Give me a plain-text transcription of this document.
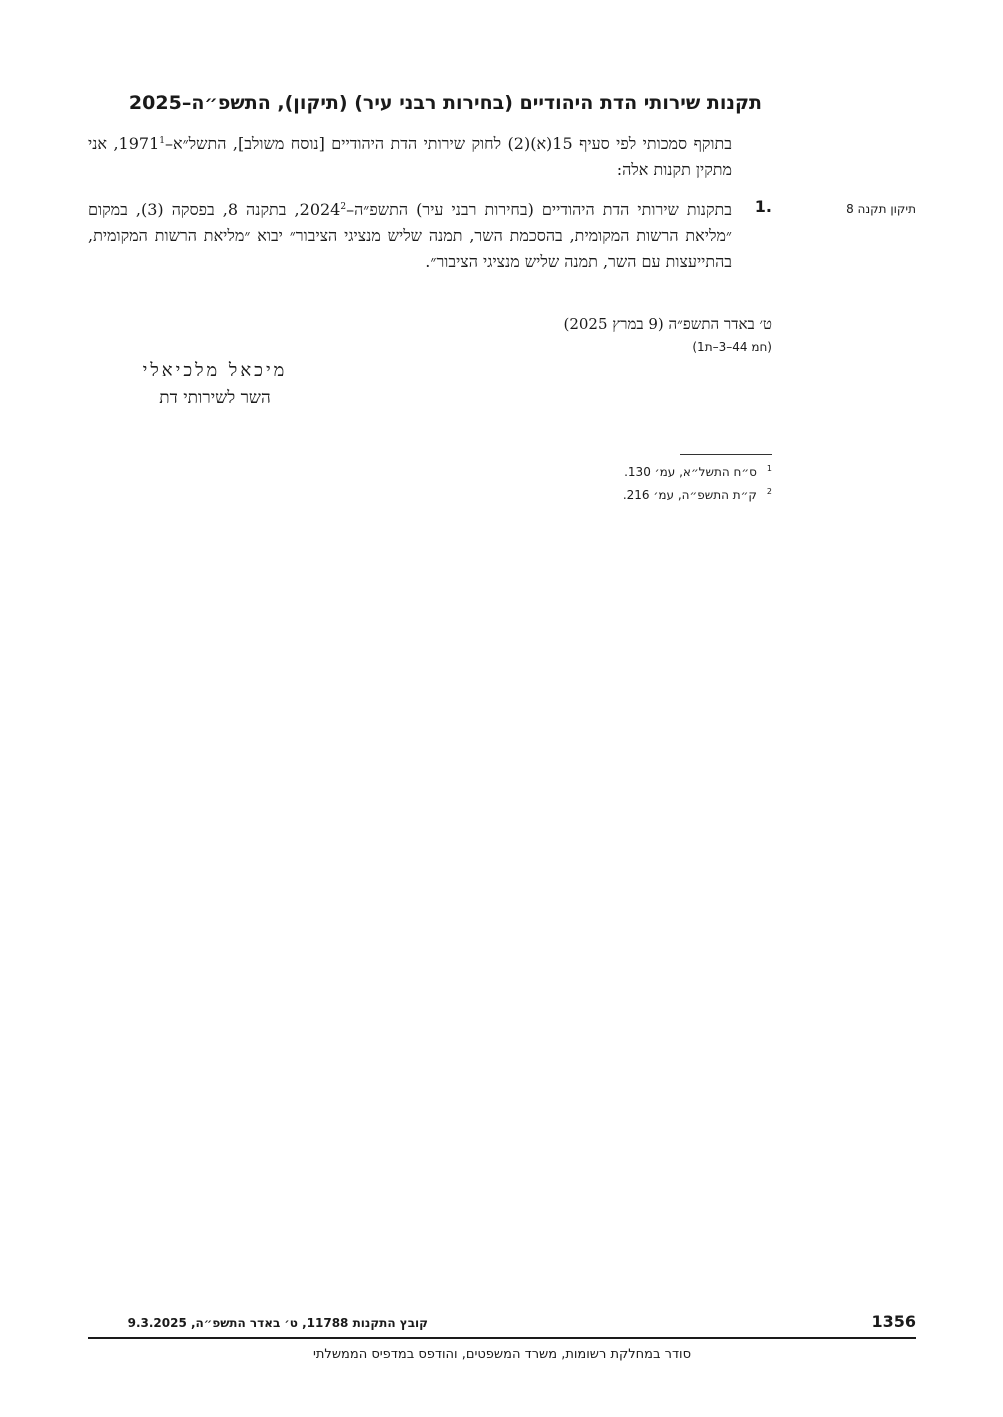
תקנות שירותי הדת היהודיים (בחירות רבני עיר) (תיקון), התשפ״ה–2025
בתוקף סמכותי לפי סעיף 15(א)(2) לחוק שירותי הדת היהודיים [נוסח משולב], התשל״א–1971$^1$, אני מתקין תקנות אלה:
תיקון תקנה 8
1.
בתקנות שירותי הדת היהודיים (בחירות רבני עיר) התשפ״ה–2024$^2$, בתקנה 8, בפסקה (3), במקום ״מליאת הרשות המקומית, בהסכמת השר, תמנה שליש מנציגי הציבור״ יבוא ״מליאת הרשות המקומית, בהתייעצות עם השר, תמנה שליש מנציגי הציבור״.
ט׳ באדר התשפ״ה (9 במרץ 2025)
(חמ 44–3–ת1)
מיכאל מלכיאלי
השר לשירותי דת
$^1$ס״ח התשל״א, עמ׳ 130.
$^2$ק״ת התשפ״ה, עמ׳ 216.
קובץ התקנות 11788, ט׳ באדר התשפ״ה, 9.3.2025	1356
סודר במחלקת רשומות, משרד המשפטים, והודפס במדפיס הממשלתי
